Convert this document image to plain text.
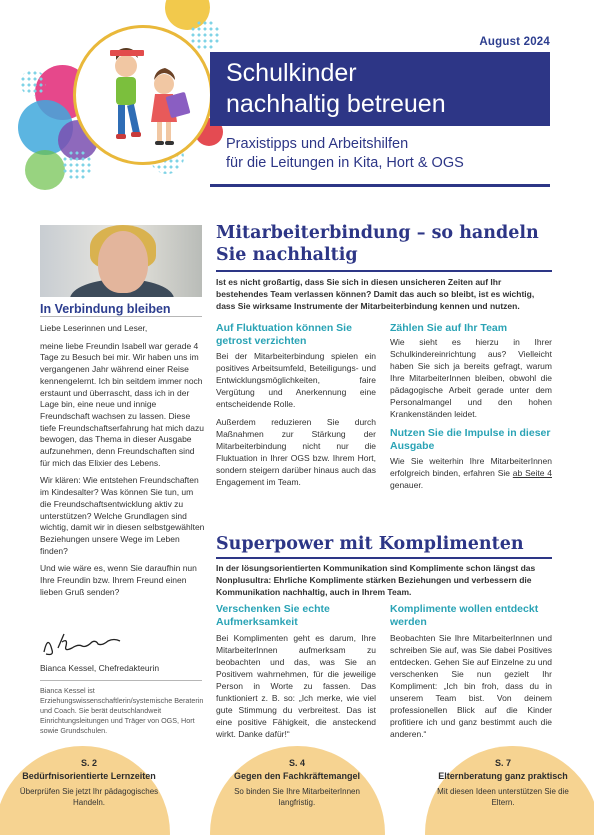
August 2024
Schulkinder
nachhaltig betreuen
Praxistipps und Arbeitshilfen
für die Leitungen in Kita, Hort & OGS
In Verbindung bleiben

Liebe Leserinnen und Leser,

meine liebe Freundin Isabell war gerade 4 Tage zu Besuch bei mir. Wir haben uns im vergangenen Jahr während einer Reise kennengelernt. Ich bin seitdem immer noch erstaunt und überrascht, dass ich in der Lage bin, eine neue und innige Freundschaft wachsen zu lassen. Diese tiefe Freundschaftserfahrung hat mich dazu bewogen, das Thema in dieser Ausgabe aufzunehmen, denn Freundschaften sind für mich das Elixier des Lebens.

Wir klären: Wie entstehen Freundschaften im Kindesalter? Was können Sie tun, um die Freundschaftsentwicklung aktiv zu unterstützen? Welche Grundlagen sind wichtig, damit wir in diesen selbstgewählten Beziehungen unsere Wege im Leben finden?

Und wie wäre es, wenn Sie daraufhin nun Ihre Freundin bzw. Ihrem Freund einen lieben Gruß senden?

Bianca Kessel, Chefredakteurin
Bianca Kessel ist Erziehungswissenschaftlerin/systemische Beraterin und Coach. Sie berät deutschlandweit Einrichtungsleitungen und Träger von OGS, Hort sowie Grundschulen.
Mitarbeiterbindung – so handeln Sie nachhaltig
Ist es nicht großartig, dass Sie sich in diesen unsicheren Zeiten auf Ihr bestehendes Team verlassen können? Damit das auch so bleibt, ist es wichtig, dass Sie wirksame Instrumente der Mitarbeiterbindung kennen und nutzen.
Auf Fluktuation können Sie getrost verzichten

Bei der Mitarbeiterbindung spielen ein positives Arbeitsumfeld, Beteiligungs- und Entwicklungsmöglichkeiten, faire Vergütung und Anerkennung eine entscheidende Rolle.

Außerdem reduzieren Sie durch Maßnahmen zur Stärkung der Mitarbeiterbindung nicht nur die Fluktuation in Ihrer OGS bzw. Ihrem Hort, sondern steigern darüber hinaus auch das Engagement im Team.

Zählen Sie auf Ihr Team
Wie sieht es hierzu in Ihrer Schulkindereinrichtung aus? Vielleicht haben Sie sich ja bereits gefragt, warum Ihre MitarbeiterInnen bleiben, obwohl die pädagogische Arbeit gerade unter dem Personalmangel und den hohen Krankenständen leidet.
Nutzen Sie die Impulse in dieser Ausgabe
Wie Sie weiterhin Ihre MitarbeiterInnen erfolgreich binden, erfahren Sie ab Seite 4 genauer.
Superpower mit Komplimenten
In der lösungsorientierten Kommunikation sind Komplimente schon längst das Nonplusultra: Ehrliche Komplimente stärken Beziehungen und verbessern die Kommunikation nachhaltig, auch in Ihrem Team.
Verschenken Sie echte Aufmerksamkeit
Bei Komplimenten geht es darum, Ihre MitarbeiterInnen aufmerksam zu beobachten und das, was Sie an Positivem wahrnehmen, für die jeweilige Person in Worte zu fassen. Das funktioniert z. B. so: „Ich merke, wie viel gute Stimmung du verbreitest. Das ist eine positive Fähigkeit, die ansteckend wirkt. Danke dafür!“
Komplimente wollen entdeckt werden
Beobachten Sie Ihre MitarbeiterInnen und schreiben Sie auf, was Sie dabei Positives entdecken. Gehen Sie auf Einzelne zu und verschenken Sie nun gezielt Ihr Kompliment: „Ich bin froh, dass du in unserem Team bist. Von deinem professionellen Blick auf die Kinder profitiere ich und ganz bestimmt auch die anderen.“
S. 2
Bedürfnisorientierte Lernzeiten
Überprüfen Sie jetzt Ihr pädagogisches Handeln.
S. 4
Gegen den Fachkräftemangel
So binden Sie Ihre MitarbeiterInnen langfristig.
S. 7
Elternberatung ganz praktisch
Mit diesen Ideen unterstützen Sie die Eltern.
